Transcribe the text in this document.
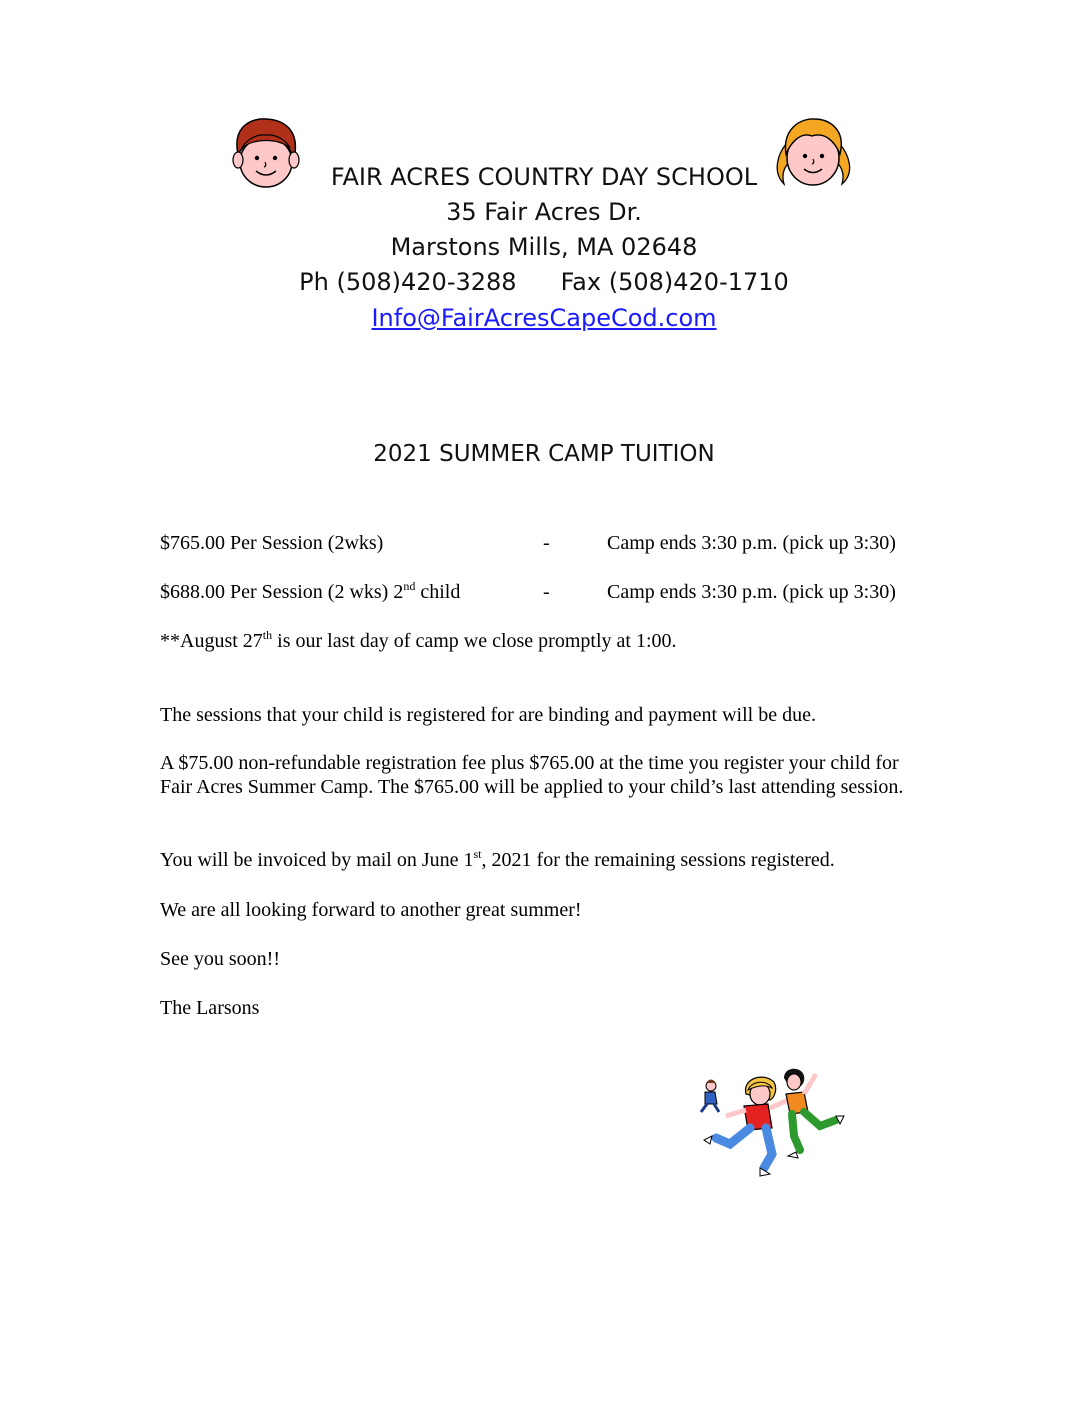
FAIR ACRES COUNTRY DAY SCHOOL
35 Fair Acres Dr.
Marstons Mills, MA 02648
Ph (508)420-3288 Fax (508)420-1710
Info@FairAcresCapeCod.com
2021 SUMMER CAMP TUITION
$765.00 Per Session (2wks)	-	Camp ends 3:30 p.m. (pick up 3:30)
$688.00 Per Session (2 wks) 2nd child	-	Camp ends 3:30 p.m. (pick up 3:30)
**August 27th is our last day of camp we close promptly at 1:00.
The sessions that your child is registered for are binding and payment will be due.
A $75.00 non-refundable registration fee plus $765.00 at the time you register your child for Fair Acres Summer Camp. The $765.00 will be applied to your child’s last attending session.
You will be invoiced by mail on June 1st, 2021 for the remaining sessions registered.
We are all looking forward to another great summer!
See you soon!!
The Larsons
